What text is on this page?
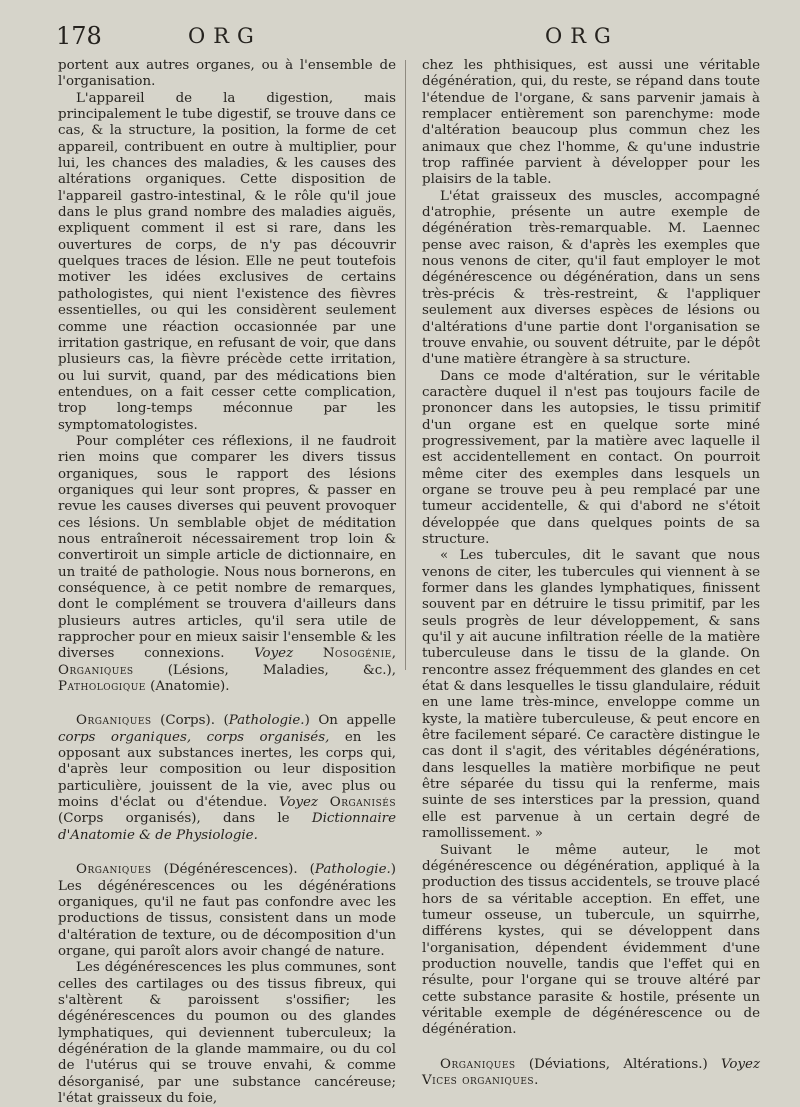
178	ORG	ORG

portent aux autres organes, ou à l'ensemble de l'organisation.

L'appareil de la digestion, mais principalement le tube digestif, se trouve dans ce cas, & la structure, la position, la forme de cet appareil, contribuent en outre à multiplier, pour lui, les chances des maladies, & les causes des altérations organiques. Cette disposition de l'appareil gastro-intestinal, & le rôle qu'il joue dans le plus grand nombre des maladies aiguës, expliquent comment il est si rare, dans les ouvertures de corps, de n'y pas découvrir quelques traces de lésion. Elle ne peut toutefois motiver les idées exclusives de certains pathologistes, qui nient l'existence des fièvres essentielles, ou qui les considèrent seulement comme une réaction occasionnée par une irritation gastrique, en refusant de voir, que dans plusieurs cas, la fièvre précède cette irritation, ou lui survit, quand, par des médications bien entendues, on a fait cesser cette complication, trop long-temps méconnue par les symptomatologistes.

Pour compléter ces réflexions, il ne faudroit rien moins que comparer les divers tissus organiques, sous le rapport des lésions organiques qui leur sont propres, & passer en revue les causes diverses qui peuvent provoquer ces lésions. Un semblable objet de méditation nous entraîneroit nécessairement trop loin & convertiroit un simple article de dictionnaire, en un traité de pathologie. Nous nous bornerons, en conséquence, à ce petit nombre de remarques, dont le complément se trouvera d'ailleurs dans plusieurs autres articles, qu'il sera utile de rapprocher pour en mieux saisir l'ensemble & les diverses connexions. Voyez Nosogénie, Organiques (Lésions, Maladies, &c.), Pathologique (Anatomie).

Organiques (Corps). (Pathologie.) On appelle corps organiques, corps organisés, en les opposant aux substances inertes, les corps qui, d'après leur composition ou leur disposition particulière, jouissent de la vie, avec plus ou moins d'éclat ou d'étendue. Voyez Organisés (Corps organisés), dans le Dictionnaire d'Anatomie & de Physiologie.

Organiques (Dégénérescences). (Pathologie.) Les dégénérescences ou les dégénérations organiques, qu'il ne faut pas confondre avec les productions de tissus, consistent dans un mode d'altération de texture, ou de décomposition d'un organe, qui paroît alors avoir changé de nature.

Les dégénérescences les plus communes, sont celles des cartilages ou des tissus fibreux, qui s'altèrent & paroissent s'ossifier; les dégénérescences du poumon ou des glandes lymphatiques, qui deviennent tuberculeux; la dégénération de la glande mammaire, ou du col de l'utérus qui se trouve envahi, & comme désorganisé, par une substance cancéreuse; l'état graisseux du foie,

chez les phthisiques, est aussi une véritable dégénération, qui, du reste, se répand dans toute l'étendue de l'organe, & sans parvenir jamais à remplacer entièrement son parenchyme: mode d'altération beaucoup plus commun chez les animaux que chez l'homme, & qu'une industrie trop raffinée parvient à développer pour les plaisirs de la table.

L'état graisseux des muscles, accompagné d'atrophie, présente un autre exemple de dégénération très-remarquable. M. Laennec pense avec raison, & d'après les exemples que nous venons de citer, qu'il faut employer le mot dégénérescence ou dégénération, dans un sens très-précis & très-restreint, & l'appliquer seulement aux diverses espèces de lésions ou d'altérations d'une partie dont l'organisation se trouve envahie, ou souvent détruite, par le dépôt d'une matière étrangère à sa structure.

Dans ce mode d'altération, sur le véritable caractère duquel il n'est pas toujours facile de prononcer dans les autopsies, le tissu primitif d'un organe est en quelque sorte miné progressivement, par la matière avec laquelle il est accidentellement en contact. On pourroit même citer des exemples dans lesquels un organe se trouve peu à peu remplacé par une tumeur accidentelle, & qui d'abord ne s'étoit développée que dans quelques points de sa structure.

« Les tubercules, dit le savant que nous venons de citer, les tubercules qui viennent à se former dans les glandes lymphatiques, finissent souvent par en détruire le tissu primitif, par les seuls progrès de leur développement, & sans qu'il y ait aucune infiltration réelle de la matière tuberculeuse dans le tissu de la glande. On rencontre assez fréquemment des glandes en cet état & dans lesquelles le tissu glandulaire, réduit en une lame très-mince, enveloppe comme un kyste, la matière tuberculeuse, & peut encore en être facilement séparé. Ce caractère distingue le cas dont il s'agit, des véritables dégénérations, dans lesquelles la matière morbifique ne peut être séparée du tissu qui la renferme, mais suinte de ses interstices par la pression, quand elle est parvenue à un certain degré de ramollissement. »

Suivant le même auteur, le mot dégénérescence ou dégénération, appliqué à la production des tissus accidentels, se trouve placé hors de sa véritable acception. En effet, une tumeur osseuse, un tubercule, un squirrhe, différens kystes, qui se développent dans l'organisation, dépendent évidemment d'une production nouvelle, tandis que l'effet qui en résulte, pour l'organe qui se trouve altéré par cette substance parasite & hostile, présente un véritable exemple de dégénérescence ou de dégénération.

Organiques (Déviations, Altérations.) Voyez Vices organiques.
